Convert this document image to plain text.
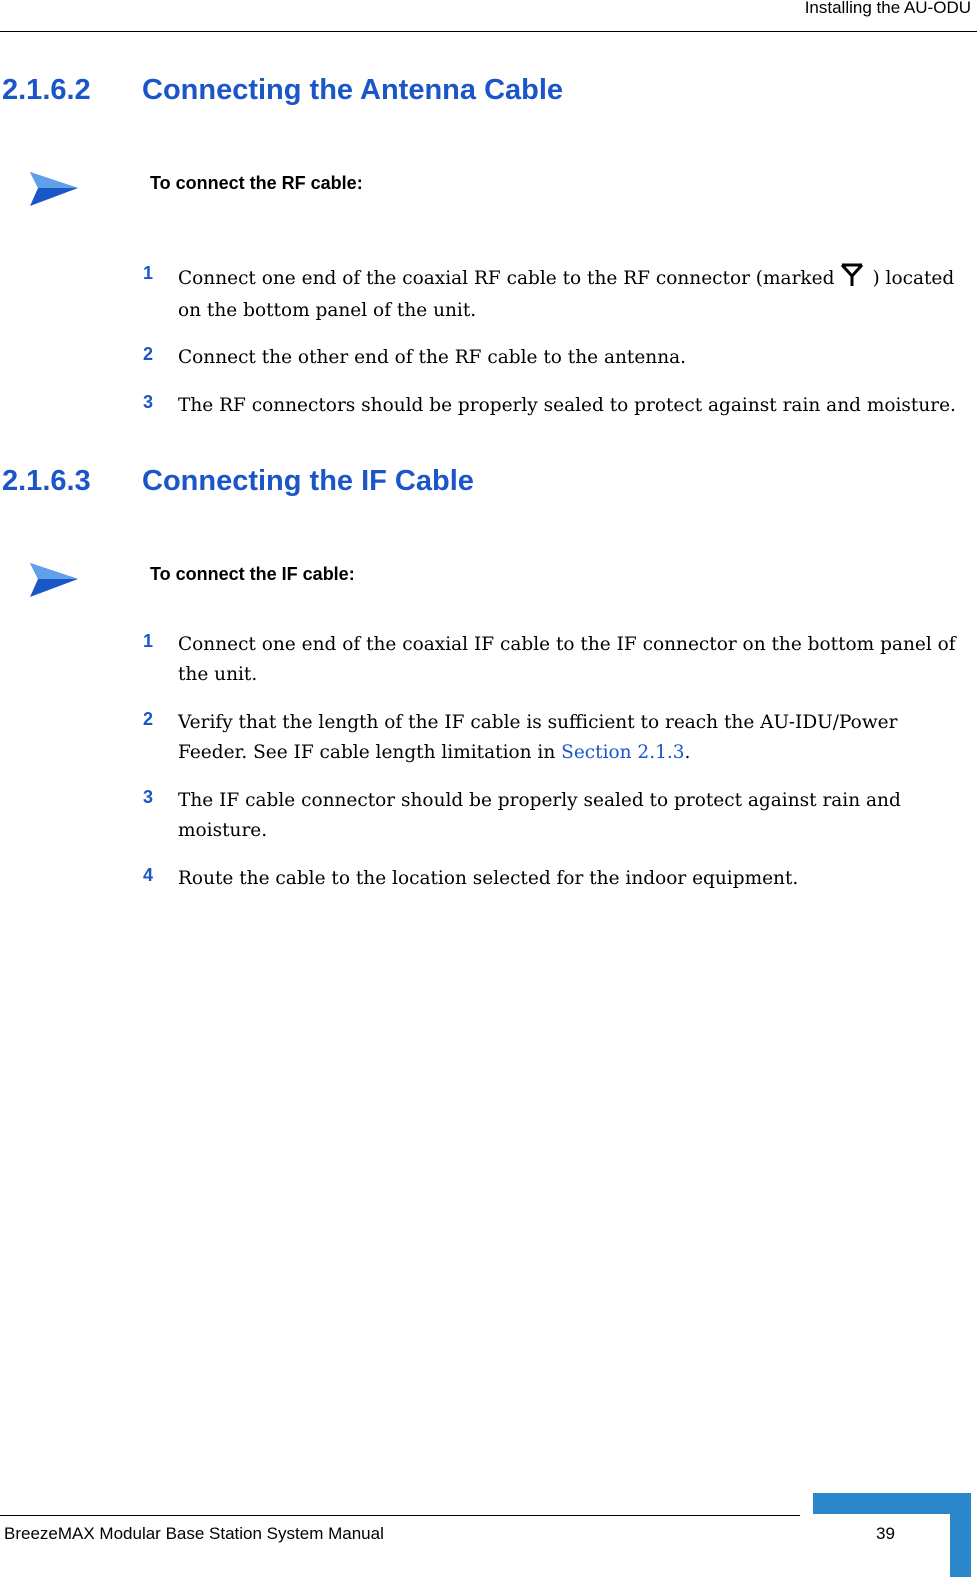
Installing the AU-ODU
2.1.6.2 Connecting the Antenna Cable
To connect the RF cable:
1 Connect one end of the coaxial RF cable to the RF connector (marked ) located on the bottom panel of the unit.
2 Connect the other end of the RF cable to the antenna.
3 The RF connectors should be properly sealed to protect against rain and moisture.
2.1.6.3 Connecting the IF Cable
To connect the IF cable:
1 Connect one end of the coaxial IF cable to the IF connector on the bottom panel of the unit.
2 Verify that the length of the IF cable is sufficient to reach the AU-IDU/Power Feeder. See IF cable length limitation in Section 2.1.3.
3 The IF cable connector should be properly sealed to protect against rain and moisture.
4 Route the cable to the location selected for the indoor equipment.
BreezeMAX Modular Base Station System Manual	39
